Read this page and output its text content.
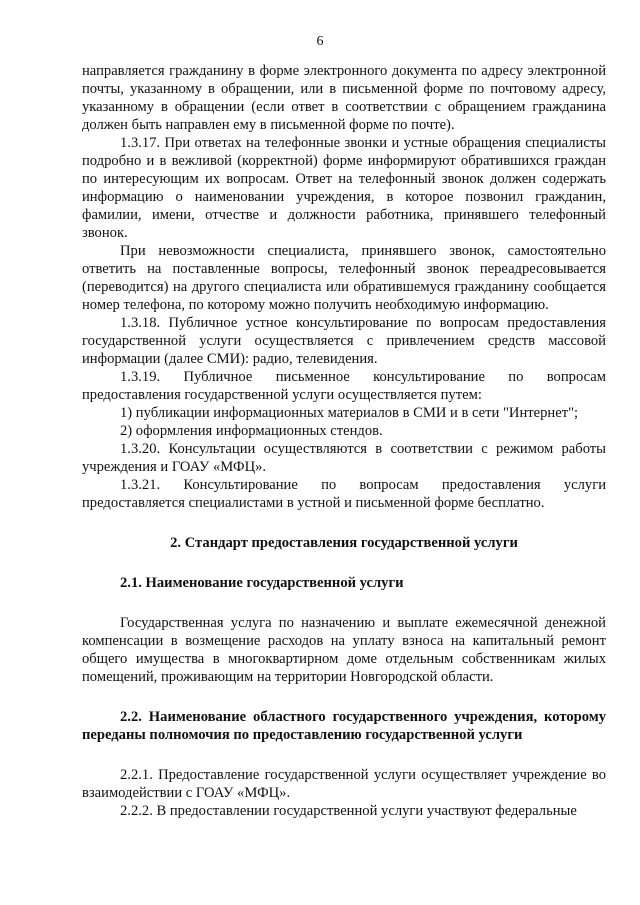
6

направляется гражданину в форме электронного документа по адресу электронной почты, указанному в обращении, или в письменной форме по почтовому адресу, указанному в обращении (если ответ в соответствии с обращением гражданина должен быть направлен ему в письменной форме по почте).

1.3.17. При ответах на телефонные звонки и устные обращения специалисты подробно и в вежливой (корректной) форме информируют обратившихся граждан по интересующим их вопросам. Ответ на телефонный звонок должен содержать информацию о наименовании учреждения, в которое позвонил гражданин, фамилии, имени, отчестве и должности работника, принявшего телефонный звонок.

При невозможности специалиста, принявшего звонок, самостоятельно ответить на поставленные вопросы, телефонный звонок переадресовывается (переводится) на другого специалиста или обратившемуся гражданину сообщается номер телефона, по которому можно получить необходимую информацию.

1.3.18. Публичное устное консультирование по вопросам предоставления государственной услуги осуществляется с привлечением средств массовой информации (далее СМИ): радио, телевидения.

1.3.19. Публичное письменное консультирование по вопросам предоставления государственной услуги осуществляется путем:

1) публикации информационных материалов в СМИ и в сети "Интернет";

2) оформления информационных стендов.

1.3.20. Консультации осуществляются в соответствии с режимом работы учреждения и ГОАУ «МФЦ».

1.3.21. Консультирование по вопросам предоставления услуги предоставляется специалистами в устной и письменной форме бесплатно.

2. Стандарт предоставления государственной услуги

2.1. Наименование государственной услуги

Государственная услуга по назначению и выплате ежемесячной денежной компенсации в возмещение расходов на уплату взноса на капитальный ремонт общего имущества в многоквартирном доме отдельным собственникам жилых помещений, проживающим на территории Новгородской области.

2.2. Наименование областного государственного учреждения, которому переданы полномочия по предоставлению государственной услуги

2.2.1. Предоставление государственной услуги осуществляет учреждение во взаимодействии с ГОАУ «МФЦ».

2.2.2. В предоставлении государственной услуги участвуют федеральные
